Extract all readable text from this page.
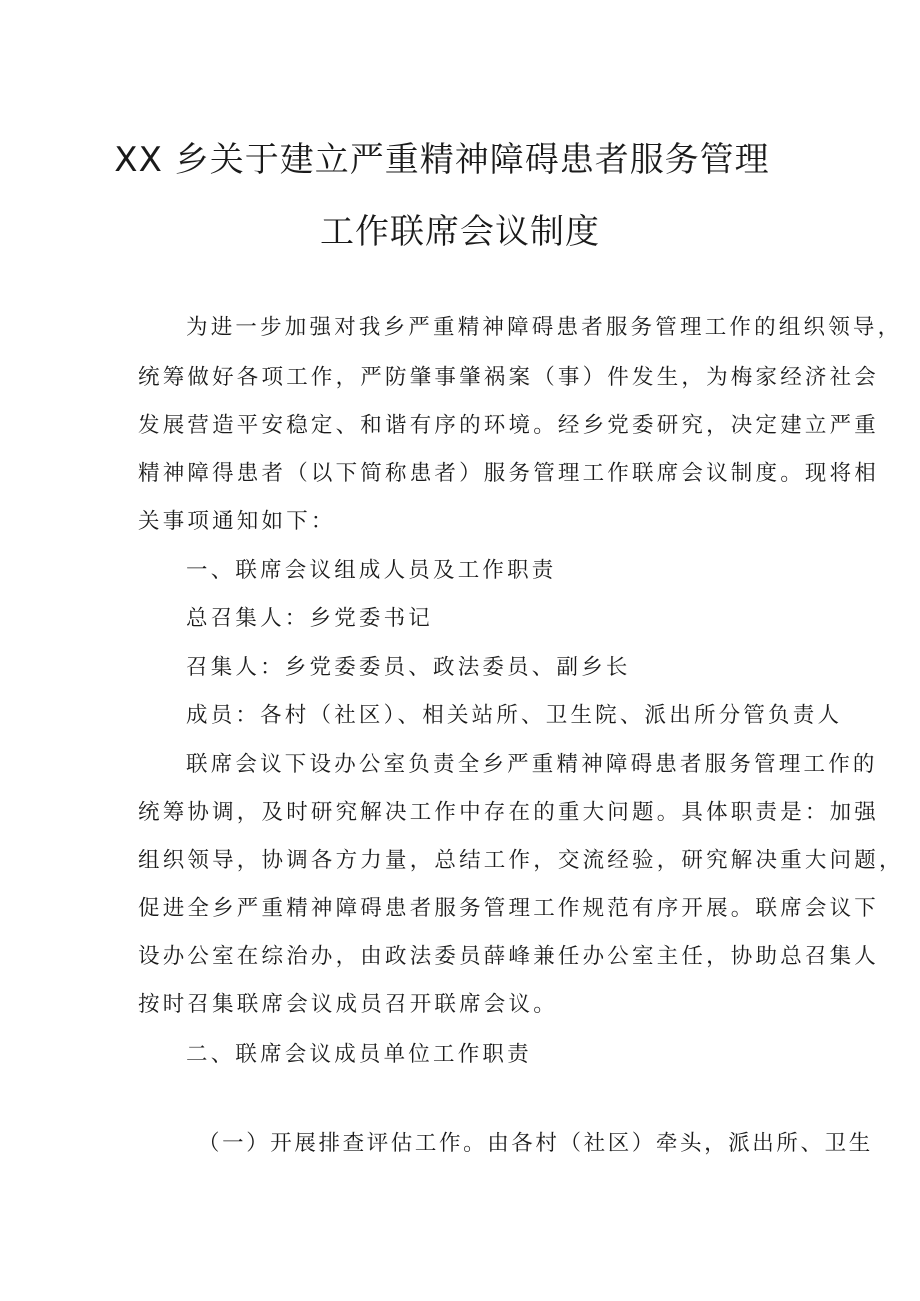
XX 乡关于建立严重精神障碍患者服务管理
工作联席会议制度
为进一步加强对我乡严重精神障碍患者服务管理工作的组织领导，
统筹做好各项工作，严防肇事肇祸案（事）件发生，为梅家经济社会
发展营造平安稳定、和谐有序的环境。经乡党委研究，决定建立严重
精神障得患者（以下简称患者）服务管理工作联席会议制度。现将相
关事项通知如下：
一、联席会议组成人员及工作职责
总召集人：乡党委书记
召集人：乡党委委员、政法委员、副乡长
成员：各村（社区）、相关站所、卫生院、派出所分管负责人
联席会议下设办公室负责全乡严重精神障碍患者服务管理工作的
统筹协调，及时研究解决工作中存在的重大问题。具体职责是：加强
组织领导，协调各方力量，总结工作，交流经验，研究解决重大问题，
促进全乡严重精神障碍患者服务管理工作规范有序开展。联席会议下
设办公室在综治办，由政法委员薛峰兼任办公室主任，协助总召集人
按时召集联席会议成员召开联席会议。
二、联席会议成员单位工作职责
（一）开展排查评估工作。由各村（社区）牵头，派出所、卫生
